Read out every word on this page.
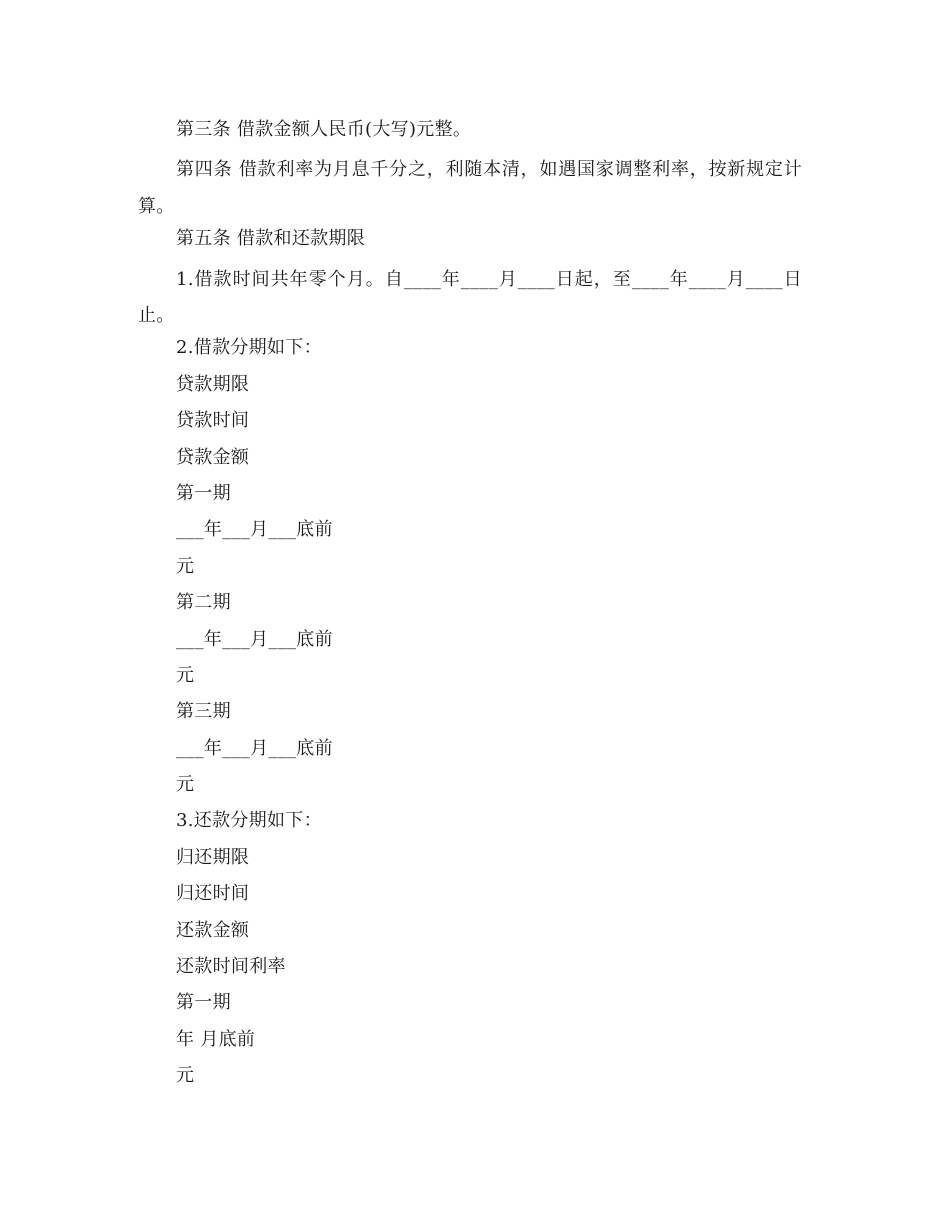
第三条 借款金额人民币(大写)元整。
第四条 借款利率为月息千分之，利随本清，如遇国家调整利率，按新规定计算。
第五条 借款和还款期限
1.借款时间共年零个月。自____年____月____日起，至____年____月____日止。
2.借款分期如下：
贷款期限
贷款时间
贷款金额
第一期
___年___月___底前
元
第二期
___年___月___底前
元
第三期
___年___月___底前
元
3.还款分期如下：
归还期限
归还时间
还款金额
还款时间利率
第一期
年 月底前
元
